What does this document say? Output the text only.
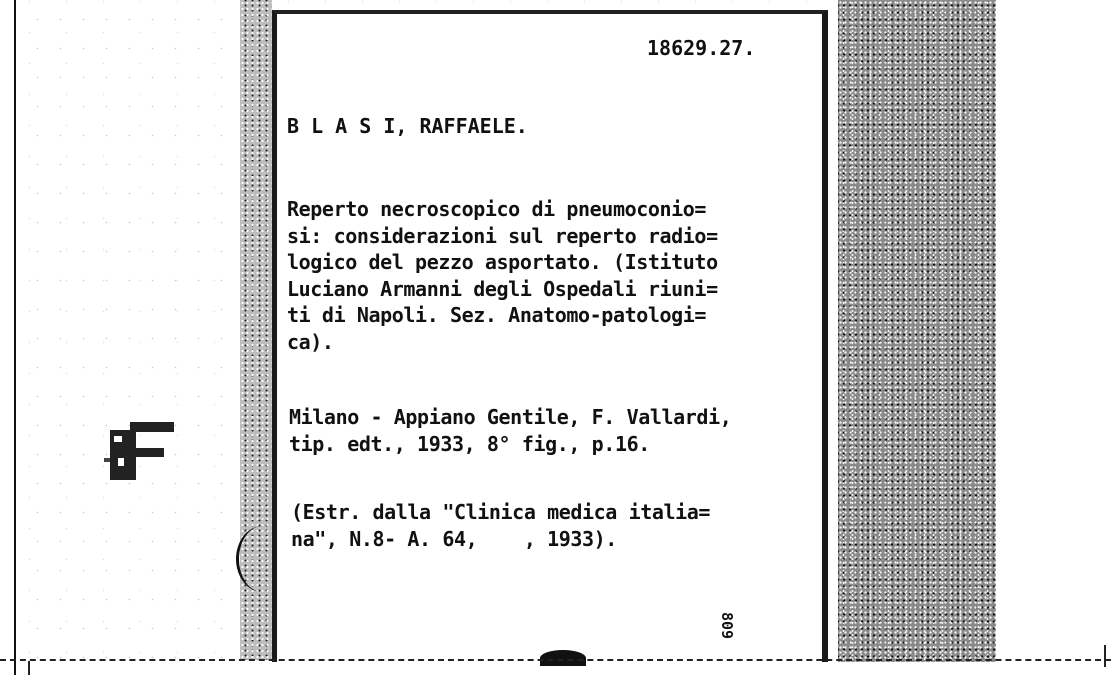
18629.27.
B L A S I, RAFFAELE.
Reperto necroscopico di pneumoconio=
si: considerazioni sul reperto radio=
logico del pezzo asportato. (Istituto
Luciano Armanni degli Ospedali riuni=
ti di Napoli. Sez. Anatomo-patologi=
ca).
Milano - Appiano Gentile, F. Vallardi,
tip. edt., 1933, 8° fig., p.16.
(Estr. dalla "Clinica medica italia=
na", N.8- A. 64,    , 1933).
809
